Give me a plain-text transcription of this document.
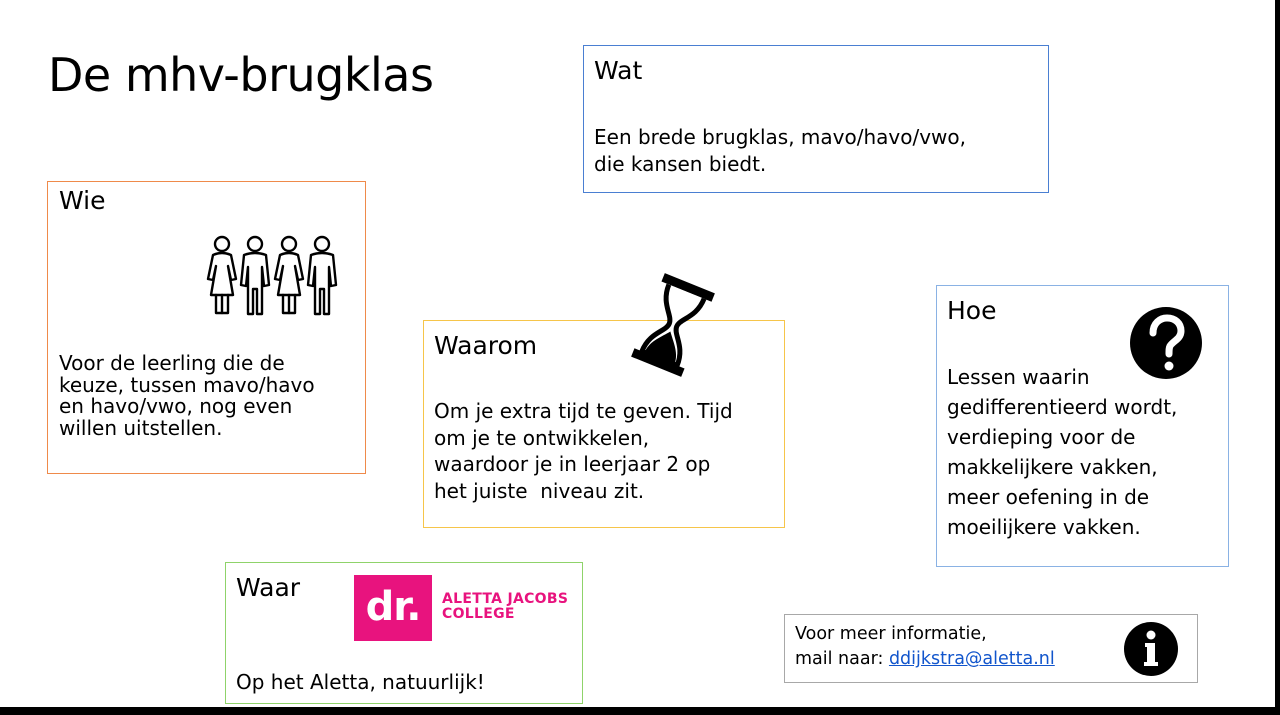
De mhv-brugklas	Wat
Een brede brugklas, mavo/havo/vwo,
die kansen biedt.
Wie
Voor de leerling die de
keuze, tussen mavo/havo
en havo/vwo, nog even
willen uitstellen.
Waarom
Om je extra tijd te geven. Tijd
om je te ontwikkelen,
waardoor je in leerjaar 2 op
het juiste  niveau zit.
Hoe
Lessen waarin
gedifferentieerd wordt,
verdieping voor de
makkelijkere vakken,
meer oefening in de
moeilijkere vakken.
Waar dr.	ALETTA JACOBS
COLLEGE
Op het Aletta, natuurlijk!
Voor meer informatie,
mail naar: ddijkstra@aletta.nl
